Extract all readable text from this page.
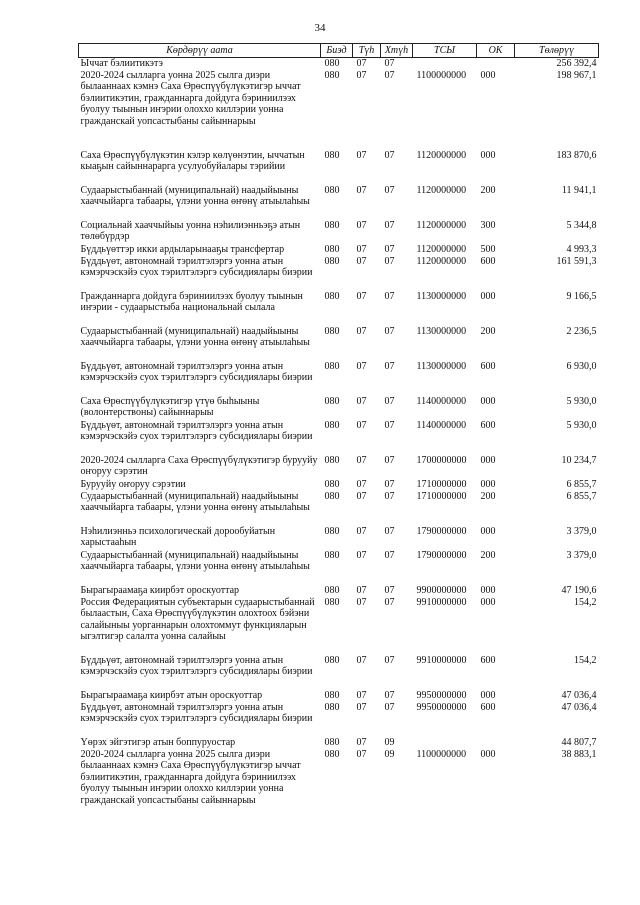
34
Көрдөрүү аата	Биэд	Түһ	Хтүһ	ТСЫ	ОК	Төлөрүү
Ыччат бэлиитикэтэ	080	07	07			256 392,4
2020-2024 сылларга уонна 2025 сылга диэри былааннаах кэмнэ Саха Өрөспүүбүлүкэтигэр ыччат бэлиитикэтин, гражданнарга дойдуга бэриниилээх буолуу тыынын иҥэрии олоххо киллэрии уонна гражданскай уопсастыбаны сайыннарыы	080	07	07	1100000000	000	198 967,1
Саха Өрөспүүбүлүкэтин кэлэр көлүөнэтин, ыччатын кыаҕын сайыннарарга усулуобуйалары тэрийии	080	07	07	1120000000	000	183 870,6
Судаарыстыбаннай (муниципальнай) наадыйыыны хааччыйарга табаары, үлэни уонна өҥөнү атыылаһыы	080	07	07	1120000000	200	11 941,1
Социальнай хааччыйыы уонна нэһилиэнньэҕэ атын төлөбүрдэр	080	07	07	1120000000	300	5 344,8
Бүддьүөттэр икки ардыларынааҕы трансфертар	080	07	07	1120000000	500	4 993,3
Бүддьүөт, автономнай тэрилтэлэргэ уонна атын кэмэрчэскэйэ суох тэрилтэлэргэ субсидиялары биэрии	080	07	07	1120000000	600	161 591,3
Гражданнарга дойдуга бэриниилээх буолуу тыынын иҥэрии - судаарыстыба национальнай сылала	080	07	07	1130000000	000	9 166,5
Судаарыстыбаннай (муниципальнай) наадыйыыны хааччыйарга табаары, үлэни уонна өҥөнү атыылаһыы	080	07	07	1130000000	200	2 236,5
Бүддьүөт, автономнай тэрилтэлэргэ уонна атын кэмэрчэскэйэ суох тэрилтэлэргэ субсидиялары биэрии	080	07	07	1130000000	600	6 930,0
Саха Өрөспүүбүлүкэтигэр үтүө быһыыны (волонтерствоны) сайыннарыы	080	07	07	1140000000	000	5 930,0
Бүддьүөт, автономнай тэрилтэлэргэ уонна атын кэмэрчэскэйэ суох тэрилтэлэргэ субсидиялары биэрии	080	07	07	1140000000	600	5 930,0
2020-2024 сылларга Саха Өрөспүүбүлүкэтигэр бурууйу оҥоруу сэрэтин	080	07	07	1700000000	000	10 234,7
Бурууйу оҥоруу сэрэтии	080	07	07	1710000000	000	6 855,7
Судаарыстыбаннай (муниципальнай) наадыйыыны хааччыйарга табаары, үлэни уонна өҥөнү атыылаһыы	080	07	07	1710000000	200	6 855,7
Нэһилиэнньэ психологическай дорообуйатын харыстааһын	080	07	07	1790000000	000	3 379,0
Судаарыстыбаннай (муниципальнай) наадыйыыны хааччыйарга табаары, үлэни уонна өҥөнү атыылаһыы	080	07	07	1790000000	200	3 379,0
Бырагыраамаҕа киирбэт ороскуоттар	080	07	07	9900000000	000	47 190,6
Россия Федерациятын субъектарын судаарыстыбаннай былаастын, Саха Өрөспүүбүлүкэтин олохтоох бэйэни салайыныы уорганнарын олохтоммут функцияларын ыгэлтигэр салалта уонна салайыы	080	07	07	9910000000	000	154,2
Бүддьүөт, автономнай тэрилтэлэргэ уонна атын кэмэрчэскэйэ суох тэрилтэлэргэ субсидиялары биэрии	080	07	07	9910000000	600	154,2
Бырагыраамаҕа киирбэт атын ороскуоттар	080	07	07	9950000000	000	47 036,4
Бүддьүөт, автономнай тэрилтэлэргэ уонна атын кэмэрчэскэйэ суох тэрилтэлэргэ субсидиялары биэрии	080	07	07	9950000000	600	47 036,4
Үөрэх эйгэтигэр атын боппуруостар	080	07	09			44 807,7
2020-2024 сылларга уонна 2025 сылга диэри былааннаах кэмнэ Саха Өрөспүүбүлүкэтигэр ыччат бэлиитикэтин, гражданнарга дойдуга бэриниилээх буолуу тыынын иҥэрии олоххо киллэрии уонна гражданскай уопсастыбаны сайыннарыы	080	07	09	1100000000	000	38 883,1
